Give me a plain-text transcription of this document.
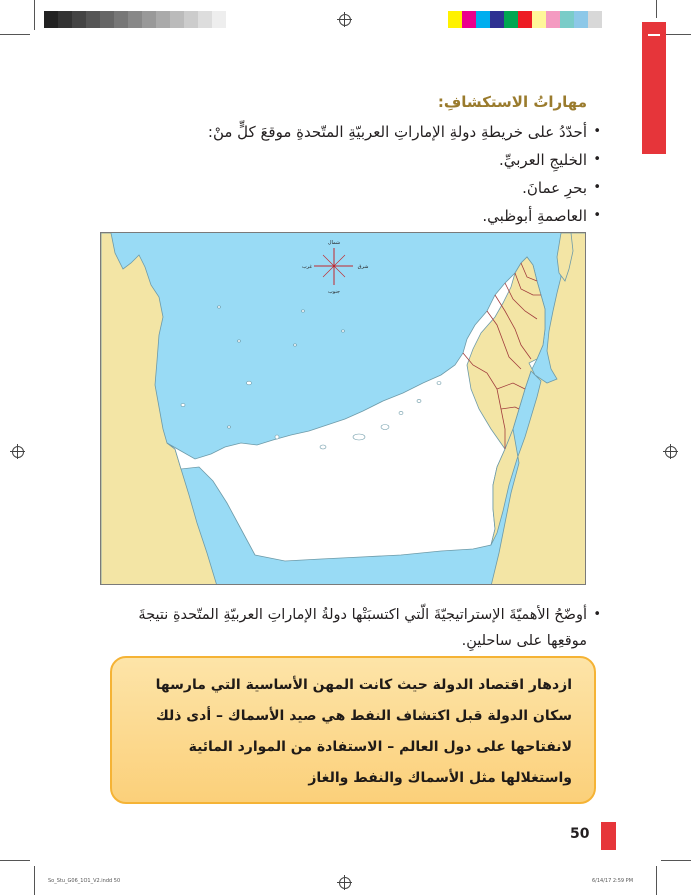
مهاراتُ الاستكشافِ:
• أحدّدُ على خريطةِ دولةِ الإماراتِ العربيّةِ المتّحدةِ موقعَ كلٍّ منْ:
• الخليجِ العربيِّ.
• بحرِ عمانَ.
• العاصمةِ أبوظبي.
شمال
جنوب
شرق
غرب
• أوضّحُ الأهميّةَ الإستراتيجيّةَ الّتي اكتسبَتْها دولةُ الإماراتِ العربيّةِ المتّحدةِ نتيجةَ موقعِها على ساحلينِ.
ازدهار اقتصاد الدولة حيث كانت المهن الأساسية التي مارسها سكان الدولة قبل اكتشاف النفط هي صيد الأسماك – أدى ذلك لانفتاحها على دول العالم – الاستفادة من الموارد المائية واستغلالها مثل الأسماك والنفط والغاز
50
So_Stu_G06_1O1_V2.indd 50	6/14/17 2:59 PM
